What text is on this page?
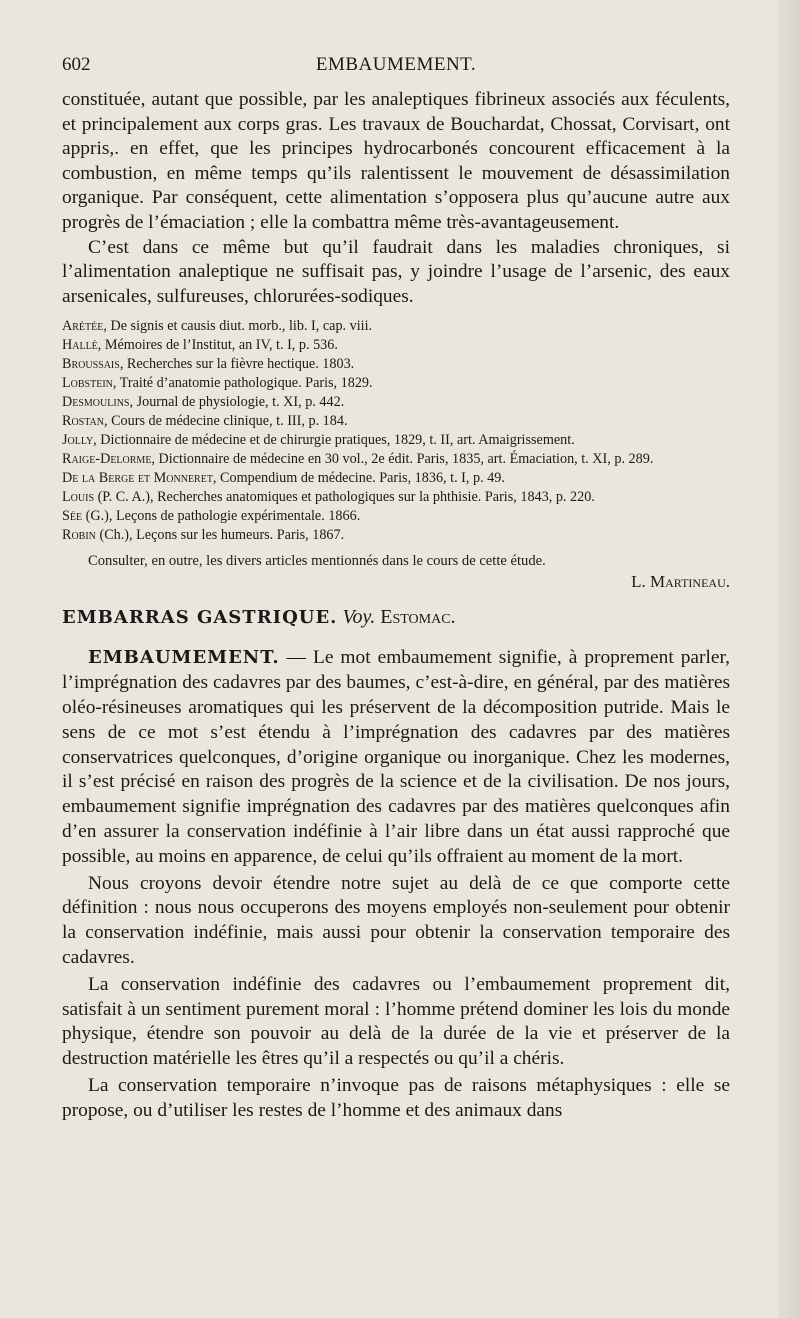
602	EMBAUMEMENT.

constituée, autant que possible, par les analeptiques fibrineux associés aux féculents, et principalement aux corps gras. Les travaux de Bouchardat, Chossat, Corvisart, ont appris,. en effet, que les principes hydrocarbonés concourent efficacement à la combustion, en même temps qu’ils ralentissent le mouvement de désassimilation organique. Par conséquent, cette alimentation s’opposera plus qu’aucune autre aux progrès de l’émaciation ; elle la combattra même très-avantageusement.

C’est dans ce même but qu’il faudrait dans les maladies chroniques, si l’alimentation analeptique ne suffisait pas, y joindre l’usage de l’arsenic, des eaux arsenicales, sulfureuses, chlorurées-sodiques.

Arétée, De signis et causis diut. morb., lib. I, cap. viii.
Hallé, Mémoires de l’Institut, an IV, t. I, p. 536.
Broussais, Recherches sur la fièvre hectique. 1803.
Lobstein, Traité d’anatomie pathologique. Paris, 1829.
Desmoulins, Journal de physiologie, t. XI, p. 442.
Rostan, Cours de médecine clinique, t. III, p. 184.
Jolly, Dictionnaire de médecine et de chirurgie pratiques, 1829, t. II, art. Amaigrissement.
Raige-Delorme, Dictionnaire de médecine en 30 vol., 2e édit. Paris, 1835, art. Émaciation, t. XI, p. 289.
De la Berge et Monneret, Compendium de médecine. Paris, 1836, t. I, p. 49.
Louis (P. C. A.), Recherches anatomiques et pathologiques sur la phthisie. Paris, 1843, p. 220.
Sée (G.), Leçons de pathologie expérimentale. 1866.
Robin (Ch.), Leçons sur les humeurs. Paris, 1867.

Consulter, en outre, les divers articles mentionnés dans le cours de cette étude.

L. Martineau.
EMBARRAS GASTRIQUE. Voy. Estomac.

EMBAUMEMENT. — Le mot embaumement signifie, à proprement parler, l’imprégnation des cadavres par des baumes, c’est-à-dire, en général, par des matières oléo-résineuses aromatiques qui les préservent de la décomposition putride. Mais le sens de ce mot s’est étendu à l’imprégnation des cadavres par des matières conservatrices quelconques, d’origine organique ou inorganique. Chez les modernes, il s’est précisé en raison des progrès de la science et de la civilisation. De nos jours, embaumement signifie imprégnation des cadavres par des matières quelconques afin d’en assurer la conservation indéfinie à l’air libre dans un état aussi rapproché que possible, au moins en apparence, de celui qu’ils offraient au moment de la mort.

Nous croyons devoir étendre notre sujet au delà de ce que comporte cette définition : nous nous occuperons des moyens employés non-seulement pour obtenir la conservation indéfinie, mais aussi pour obtenir la conservation temporaire des cadavres.

La conservation indéfinie des cadavres ou l’embaumement proprement dit, satisfait à un sentiment purement moral : l’homme prétend dominer les lois du monde physique, étendre son pouvoir au delà de la durée de la vie et préserver de la destruction matérielle les êtres qu’il a respectés ou qu’il a chéris.

La conservation temporaire n’invoque pas de raisons métaphysiques : elle se propose, ou d’utiliser les restes de l’homme et des animaux dans
